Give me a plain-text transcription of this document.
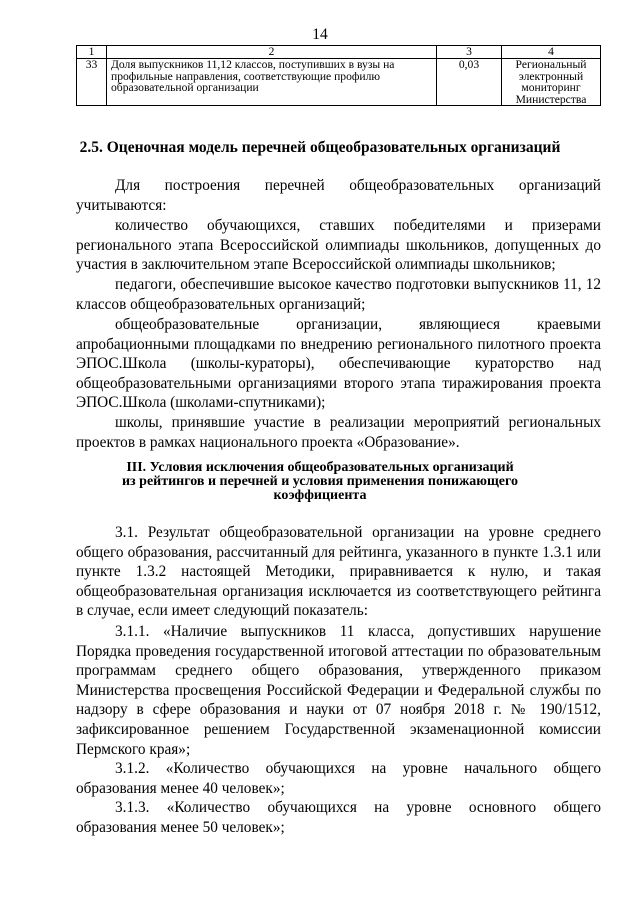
14
1	2	3	4
33	Доля выпускников 11,12 классов, поступивших в вузы на профильные направления, соответствующие профилю образовательной организации	0,03	Региональный электронный мониторинг Министерства
2.5. Оценочная модель перечней общеобразовательных организаций
Для построения перечней общеобразовательных организаций учитываются:
количество обучающихся, ставших победителями и призерами регионального этапа Всероссийской олимпиады школьников, допущенных до участия в заключительном этапе Всероссийской олимпиады школьников;
педагоги, обеспечившие высокое качество подготовки выпускников 11, 12 классов общеобразовательных организаций;
общеобразовательные организации, являющиеся краевыми апробационными площадками по внедрению регионального пилотного проекта ЭПОС.Школа (школы-кураторы), обеспечивающие кураторство над общеобразовательными организациями второго этапа тиражирования проекта ЭПОС.Школа (школами-спутниками);
школы, принявшие участие в реализации мероприятий региональных проектов в рамках национального проекта «Образование».
III. Условия исключения общеобразовательных организаций
из рейтингов и перечней и условия применения понижающего
коэффициента
3.1. Результат общеобразовательной организации на уровне среднего общего образования, рассчитанный для рейтинга, указанного в пункте 1.3.1 или пункте 1.3.2 настоящей Методики, приравнивается к нулю, и такая общеобразовательная организация исключается из соответствующего рейтинга в случае, если имеет следующий показатель:
3.1.1. «Наличие выпускников 11 класса, допустивших нарушение Порядка проведения государственной итоговой аттестации по образовательным программам среднего общего образования, утвержденного приказом Министерства просвещения Российской Федерации и Федеральной службы по надзору в сфере образования и науки от 07 ноября 2018 г. № 190/1512, зафиксированное решением Государственной экзаменационной комиссии Пермского края»;
3.1.2. «Количество обучающихся на уровне начального общего образования менее 40 человек»;
3.1.3. «Количество обучающихся на уровне основного общего
образования менее 50 человек»;
